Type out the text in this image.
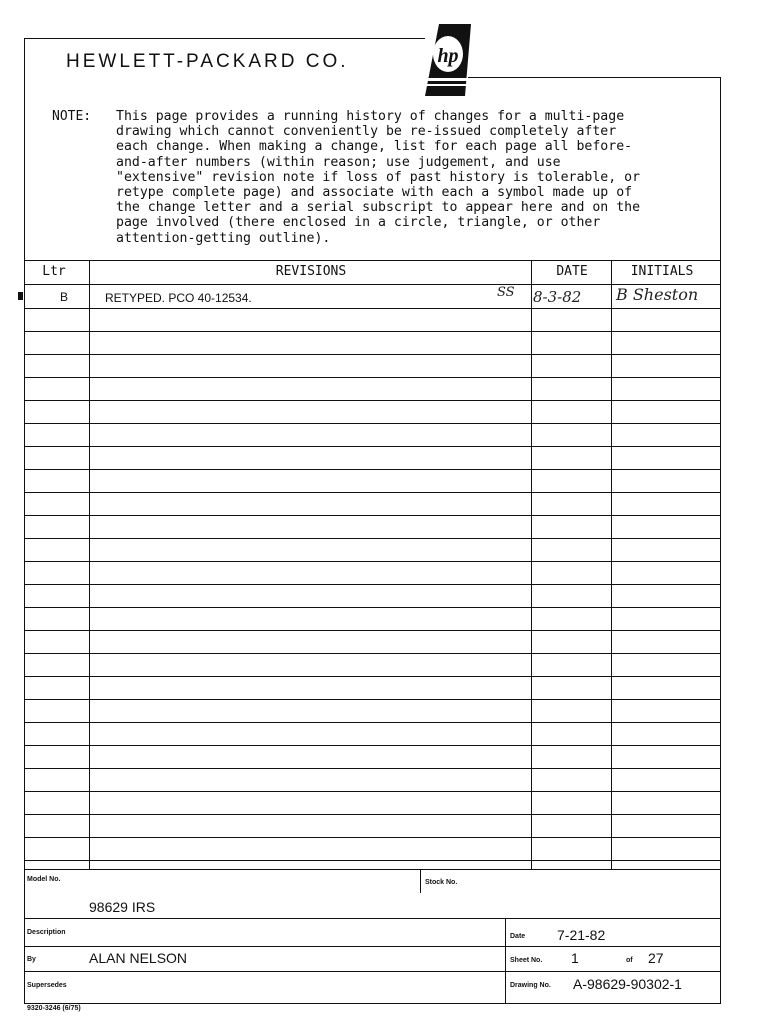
HEWLETT-PACKARD CO.	hp
NOTE: This page provides a running history of changes for a multi-page
drawing which cannot conveniently be re-issued completely after
each change. When making a change, list for each page all before-
and-after numbers (within reason; use judgement, and use
"extensive" revision note if loss of past history is tolerable, or
retype complete page) and associate with each a symbol made up of
the change letter and a serial subscript to appear here and on the
page involved (there enclosed in a circle, triangle, or other
attention-getting outline).
Ltr	REVISIONS	DATE	INITIALS
B	RETYPED. PCO 40-12534.	SS 8-3-82 B Sheston
Model No.	Stock No.
98629 IRS
Description
Date 7-21-82
By	ALAN NELSON	Sheet No. 1	of 27
Supersedes	Drawing No. A-98629-90302-1
9320-3246 (6/75)
